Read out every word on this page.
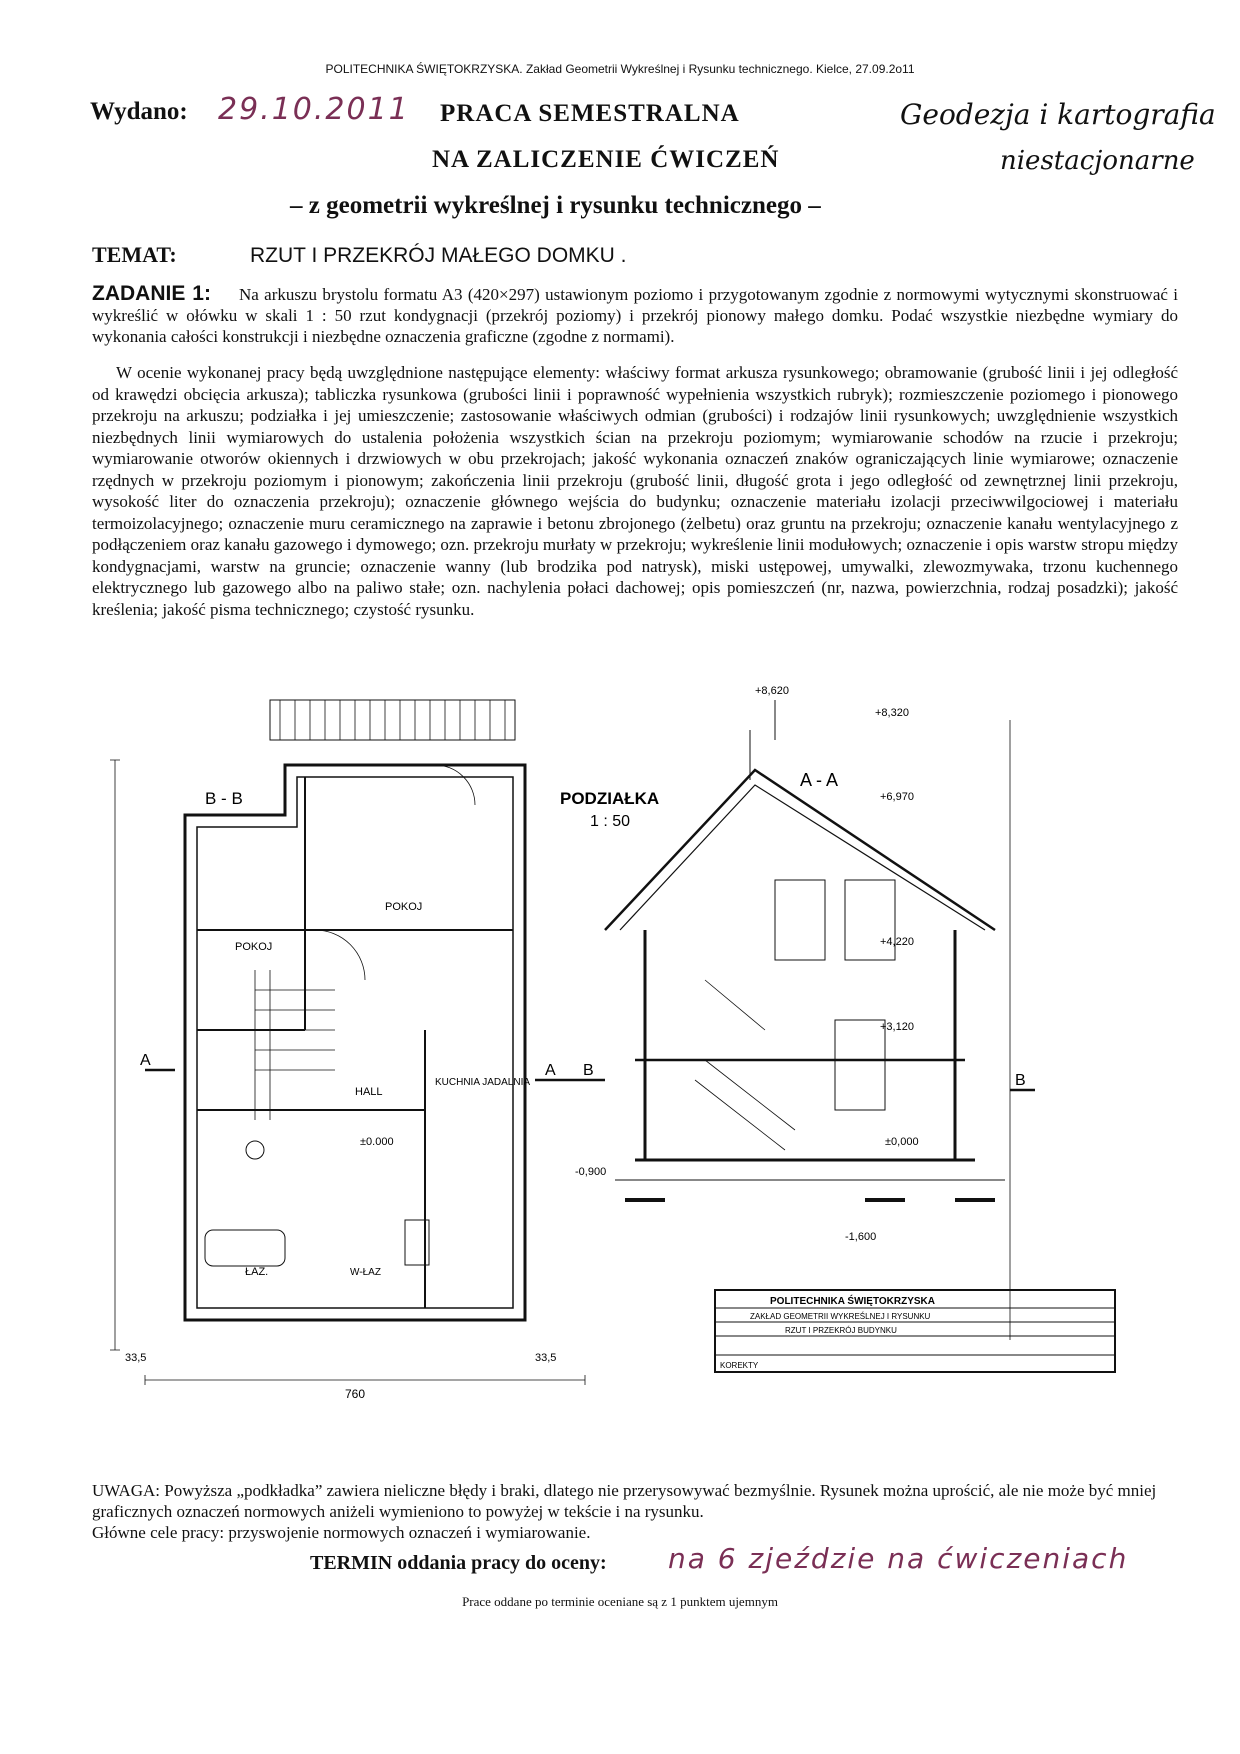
POLITECHNIKA ŚWIĘTOKRZYSKA. Zakład Geometrii Wykreślnej i Rysunku technicznego. Kielce, 27.09.2o11
Wydano: 29.10.2011 PRACA SEMESTRALNA
NA ZALICZENIE ĆWICZEŃ
– z geometrii wykreślnej i rysunku technicznego –
Geodezja i kartografia
niestacjonarne
TEMAT:	RZUT I PRZEKRÓJ MAŁEGO DOMKU .
ZADANIE 1: Na arkuszu brystolu formatu A3 (420×297) ustawionym poziomo i przygotowanym zgodnie z normowymi wytycznymi skonstruować i wykreślić w ołówku w skali 1 : 50 rzut kondygnacji (przekrój poziomy) i przekrój pionowy małego domku. Podać wszystkie niezbędne wymiary do wykonania całości konstrukcji i niezbędne oznaczenia graficzne (zgodne z normami).
W ocenie wykonanej pracy będą uwzględnione następujące elementy: właściwy format arkusza rysunkowego; obramowanie (grubość linii i jej odległość od krawędzi obcięcia arkusza); tabliczka rysunkowa (grubości linii i poprawność wypełnienia wszystkich rubryk); rozmieszczenie poziomego i pionowego przekroju na arkuszu; podziałka i jej umieszczenie; zastosowanie właściwych odmian (grubości) i rodzajów linii rysunkowych; uwzględnienie wszystkich niezbędnych linii wymiarowych do ustalenia położenia wszystkich ścian na przekroju poziomym; wymiarowanie schodów na rzucie i przekroju; wymiarowanie otworów okiennych i drzwiowych w obu przekrojach; jakość wykonania oznaczeń znaków ograniczających linie wymiarowe; oznaczenie rzędnych w przekroju poziomym i pionowym; zakończenia linii przekroju (grubość linii, długość grota i jego odległość od zewnętrznej linii przekroju, wysokość liter do oznaczenia przekroju); oznaczenie głównego wejścia do budynku; oznaczenie materiału izolacji przeciwwilgociowej i materiału termoizolacyjnego; oznaczenie muru ceramicznego na zaprawie i betonu zbrojonego (żelbetu) oraz gruntu na przekroju; oznaczenie kanału wentylacyjnego z podłączeniem oraz kanału gazowego i dymowego; ozn. przekroju murłaty w przekroju; wykreślenie linii modułowych; oznaczenie i opis warstw stropu między kondygnacjami, warstw na gruncie; oznaczenie wanny (lub brodzika pod natrysk), miski ustępowej, umywalki, zlewozmywaka, trzonu kuchennego elektrycznego lub gazowego albo na paliwo stałe; ozn. nachylenia połaci dachowej; opis pomieszczeń (nr, nazwa, powierzchnia, rodzaj posadzki); jakość kreślenia; jakość pisma technicznego; czystość rysunku.
B - B
A - A
PODZIAŁKA
1 : 50
POKOJ
POKOJ
HALL
KUCHNIA JADALNIA
ŁAZ.	W-ŁAZ
±0.000
760
33,5	33,5
+8,620
+8,320
+6,970
+4,220
+3,120
±0,000
-0,900
-1,600
A
A B
B
POLITECHNIKA ŚWIĘTOKRZYSKA
ZAKŁAD GEOMETRII WYKREŚLNEJ I RYSUNKU
RZUT I PRZEKRÓJ BUDYNKU
KOREKTY
UWAGA: Powyższa „podkładka” zawiera nieliczne błędy i braki, dlatego nie przerysowywać bezmyślnie. Rysunek można uprościć, ale nie może być mniej graficznych oznaczeń normowych aniżeli wymieniono to powyżej w tekście i na rysunku.
Główne cele pracy: przyswojenie normowych oznaczeń i wymiarowanie.
TERMIN oddania pracy do oceny: na 6 zjeździe na ćwiczeniach
Prace oddane po terminie oceniane są z 1 punktem ujemnym
